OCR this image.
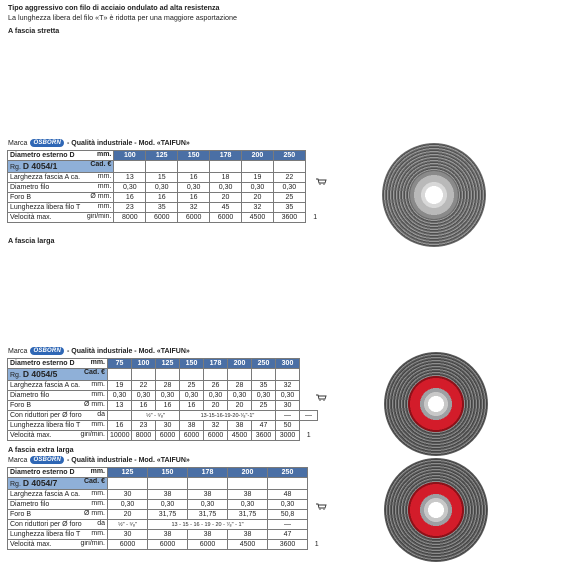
Tipo aggressivo con filo di acciaio ondulato ad alta resistenza
La lunghezza libera del filo «T» è ridotta per una maggiore asportazione
A fascia stretta
Marca	OSBORN - Qualità industriale - Mod. «TAIFUN»
Diametro esterno D mm.	100	125	150	178	200	250	
Rg. D 4054/1 Cad. €							

Larghezza fascia A ca. mm.	13	15	16	18	19	22	
Diametro filo mm.	0,30	0,30	0,30	0,30	0,30	0,30	
Foro B Ø mm.	16	16	16	20	20	25	
Lunghezza libera filo T mm.	23	35	32	45	32	35	
Velocità max. giri/min.	8000	6000	6000	6000	4500	3600	1
A fascia larga
Marca	OSBORN - Qualità industriale - Mod. «TAIFUN»
Diametro esterno D mm.	75	100	125	150	178	200	250	300		
Rg. D 4054/5 Cad. €										

Larghezza fascia A ca. mm.	19	22	28	25	26	28	35	32		
Diametro filo mm.	0,30	0,30	0,30	0,30	0,30	0,30	0,30	0,30		
Foro B Ø mm.	13	16	16	16	20	20	25	30		
Con riduttori per Ø foro da		½" - ⁵⁄₈"		13-15-16-19-20-⁷⁄₈"-1"				—	—	
Lunghezza libera filo T mm.	16	23	30	38	32	38	47	50		
Velocità max. giri/min.	10000	8000	6000	6000	6000	4500	3600	3000	1	
A fascia extra larga
Marca	OSBORN - Qualità industriale - Mod. «TAIFUN»
Diametro esterno D mm.	125	150	178	200	250	
Rg. D 4054/7 Cad. €						

Larghezza fascia A ca. mm.	30	38	38	38	48	
Diametro filo mm.	0,30	0,30	0,30	0,30	0,30	
Foro B Ø mm.	20	31,75	31,75	31,75	50,8	
Con riduttori per Ø foro da	½" - ⁵⁄₈"	13 - 15 - 16 - 19 - 20 - ⁷⁄₈" - 1"			—	
Lunghezza libera filo T mm.	30	38	38	38	47	
Velocità max. giri/min.	6000	6000	6000	4500	3600	1
